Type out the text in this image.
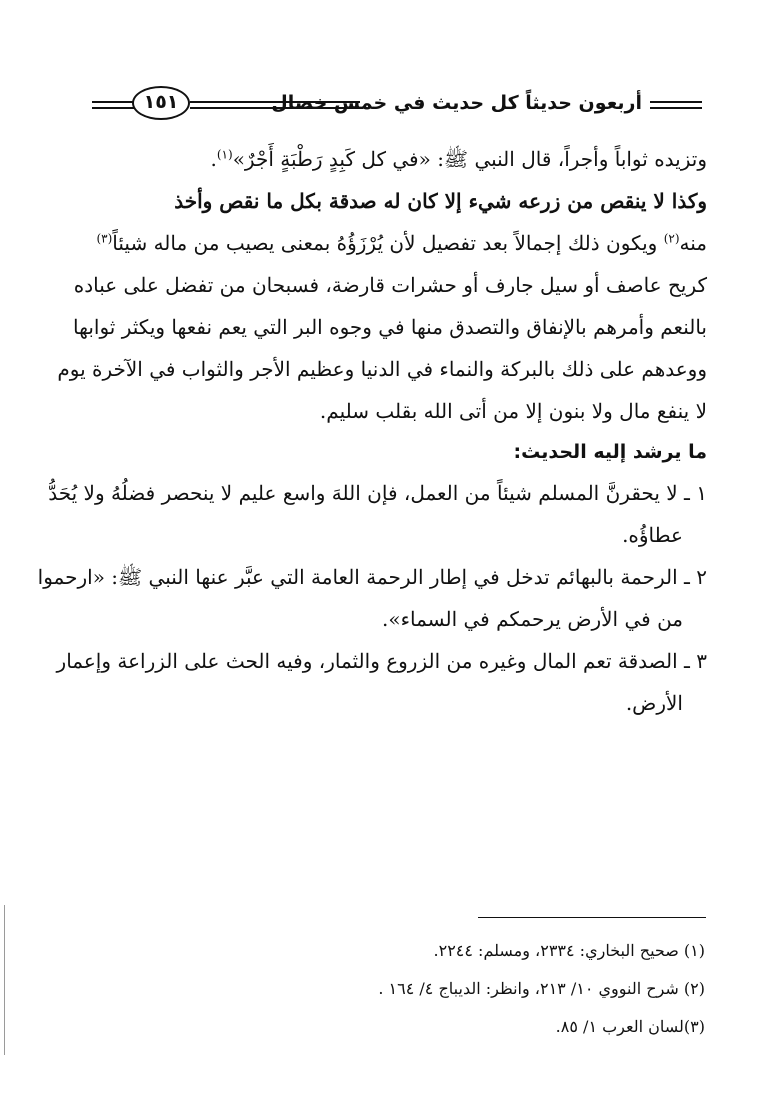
أربعون حديثاً كل حديث في خمس خصال
١٥١
وتزيده ثواباً وأجراً، قال النبي ﷺ: «في كل كَبِدٍ رَطْبَةٍ أَجْرٌ»$^{(١)}$.
وكذا لا ينقص من زرعه شيء إلا كان له صدقة بكل ما نقص وأخذ
منه$^{(٢)}$ ويكون ذلك إجمالاً بعد تفصيل لأن يُرْزَؤُهُ بمعنى يصيب من ماله شيئاً$^{(٣)}$
كريح عاصف أو سيل جارف أو حشرات قارضة، فسبحان من تفضل على عباده
بالنعم وأمرهم بالإنفاق والتصدق منها في وجوه البر التي يعم نفعها ويكثر ثوابها
ووعدهم على ذلك بالبركة والنماء في الدنيا وعظيم الأجر والثواب في الآخرة يوم
لا ينفع مال ولا بنون إلا من أتى الله بقلب سليم.
ما يرشد إليه الحديث:
١ ـ لا يحقرنَّ المسلم شيئاً من العمل، فإن اللهَ واسع عليم لا ينحصر فضلُهُ ولا يُحَدُّ
عطاؤُه.
٢ ـ الرحمة بالبهائم تدخل في إطار الرحمة العامة التي عبَّر عنها النبي ﷺ: «ارحموا
من في الأرض يرحمكم في السماء».
٣ ـ الصدقة تعم المال وغيره من الزروع والثمار، وفيه الحث على الزراعة وإعمار
الأرض.
(١) صحيح البخاري: ٢٣٣٤، ومسلم: ٢٢٤٤.
(٢) شرح النووي ١٠/ ٢١٣، وانظر: الديباج ٤/ ١٦٤ .
(٣)لسان العرب ١/ ٨٥.
